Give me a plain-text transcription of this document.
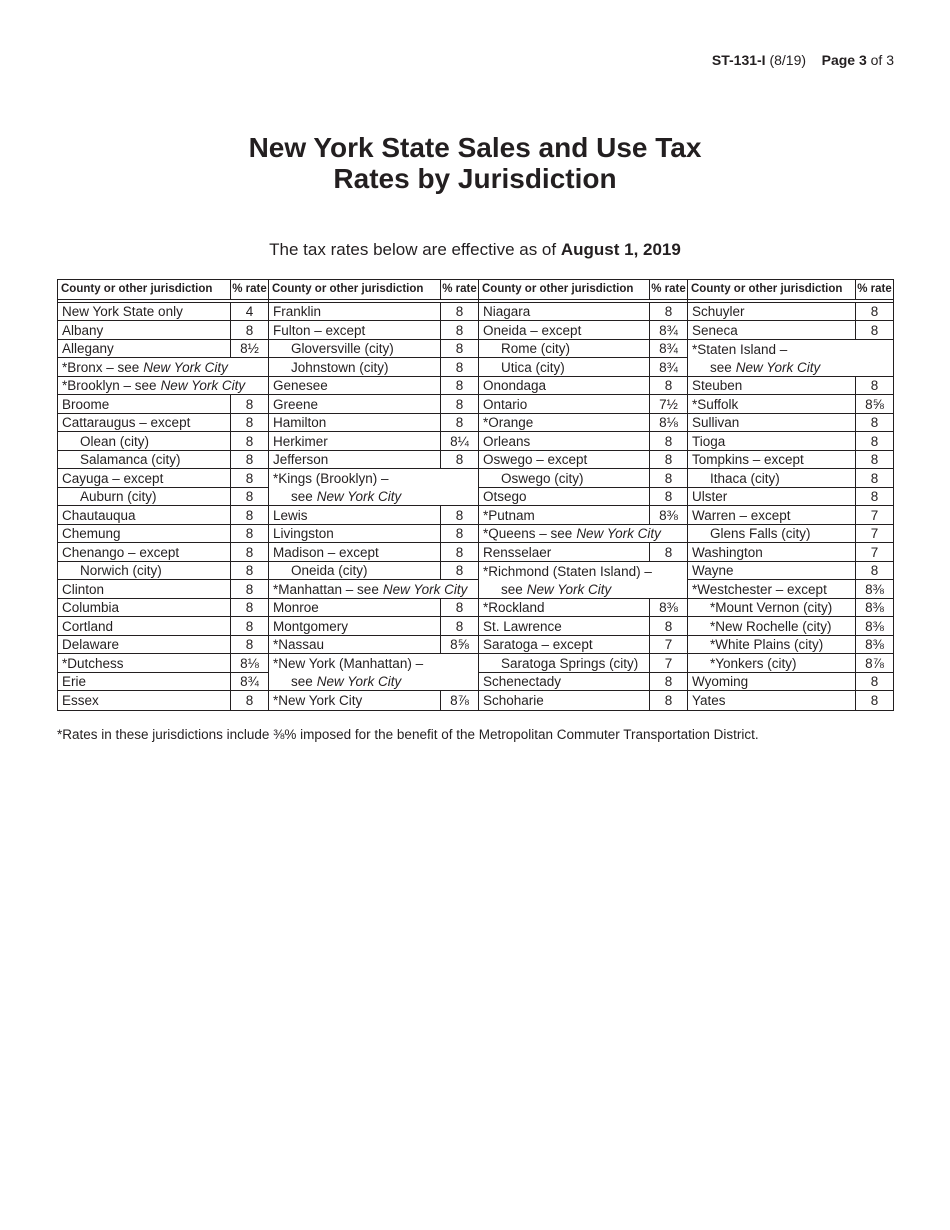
ST-131-I (8/19) Page 3 of 3
New York State Sales and Use Tax
Rates by Jurisdiction
The tax rates below are effective as of August 1, 2019
County or other jurisdiction	% rate
New York State only	4
Albany	8
Allegany	8½
*Bronx – see New York City
*Brooklyn – see New York City
Broome	8
Cattaraugus – except	8
Olean (city)	8
Salamanca (city)	8
Cayuga – except	8
Auburn (city)	8
Chautauqua	8
Chemung	8
Chenango – except	8
Norwich (city)	8
Clinton	8
Columbia	8
Cortland	8
Delaware	8
*Dutchess	8⅛
Erie	8¾
Essex	8
County or other jurisdiction	% rate
Franklin	8
Fulton – except	8
Gloversville (city)	8
Johnstown (city)	8
Genesee	8
Greene	8
Hamilton	8
Herkimer	8¼
Jefferson	8
*Kings (Brooklyn) –
see New York City
Lewis	8
Livingston	8
Madison – except	8
Oneida (city)	8
*Manhattan – see New York City
Monroe	8
Montgomery	8
*Nassau	8⅝
*New York (Manhattan) –
see New York City
*New York City	8⅞
County or other jurisdiction	% rate
Niagara	8
Oneida – except	8¾
Rome (city)	8¾
Utica (city)	8¾
Onondaga	8
Ontario	7½
*Orange	8⅛
Orleans	8
Oswego – except	8
Oswego (city)	8
Otsego	8
*Putnam	8⅜
*Queens – see New York City
Rensselaer	8
*Richmond (Staten Island) –
see New York City
*Rockland	8⅜
St. Lawrence	8
Saratoga – except	7
Saratoga Springs (city)	7
Schenectady	8
Schoharie	8
County or other jurisdiction	% rate
Schuyler	8
Seneca	8
*Staten Island –
see New York City
Steuben	8
*Suffolk	8⅝
Sullivan	8
Tioga	8
Tompkins – except	8
Ithaca (city)	8
Ulster	8
Warren – except	7
Glens Falls (city)	7
Washington	7
Wayne	8
*Westchester – except	8⅜
*Mount Vernon (city)	8⅜
*New Rochelle (city)	8⅜
*White Plains (city)	8⅜
*Yonkers (city)	8⅞
Wyoming	8
Yates	8
*Rates in these jurisdictions include ⅜% imposed for the benefit of the Metropolitan Commuter Transportation District.
